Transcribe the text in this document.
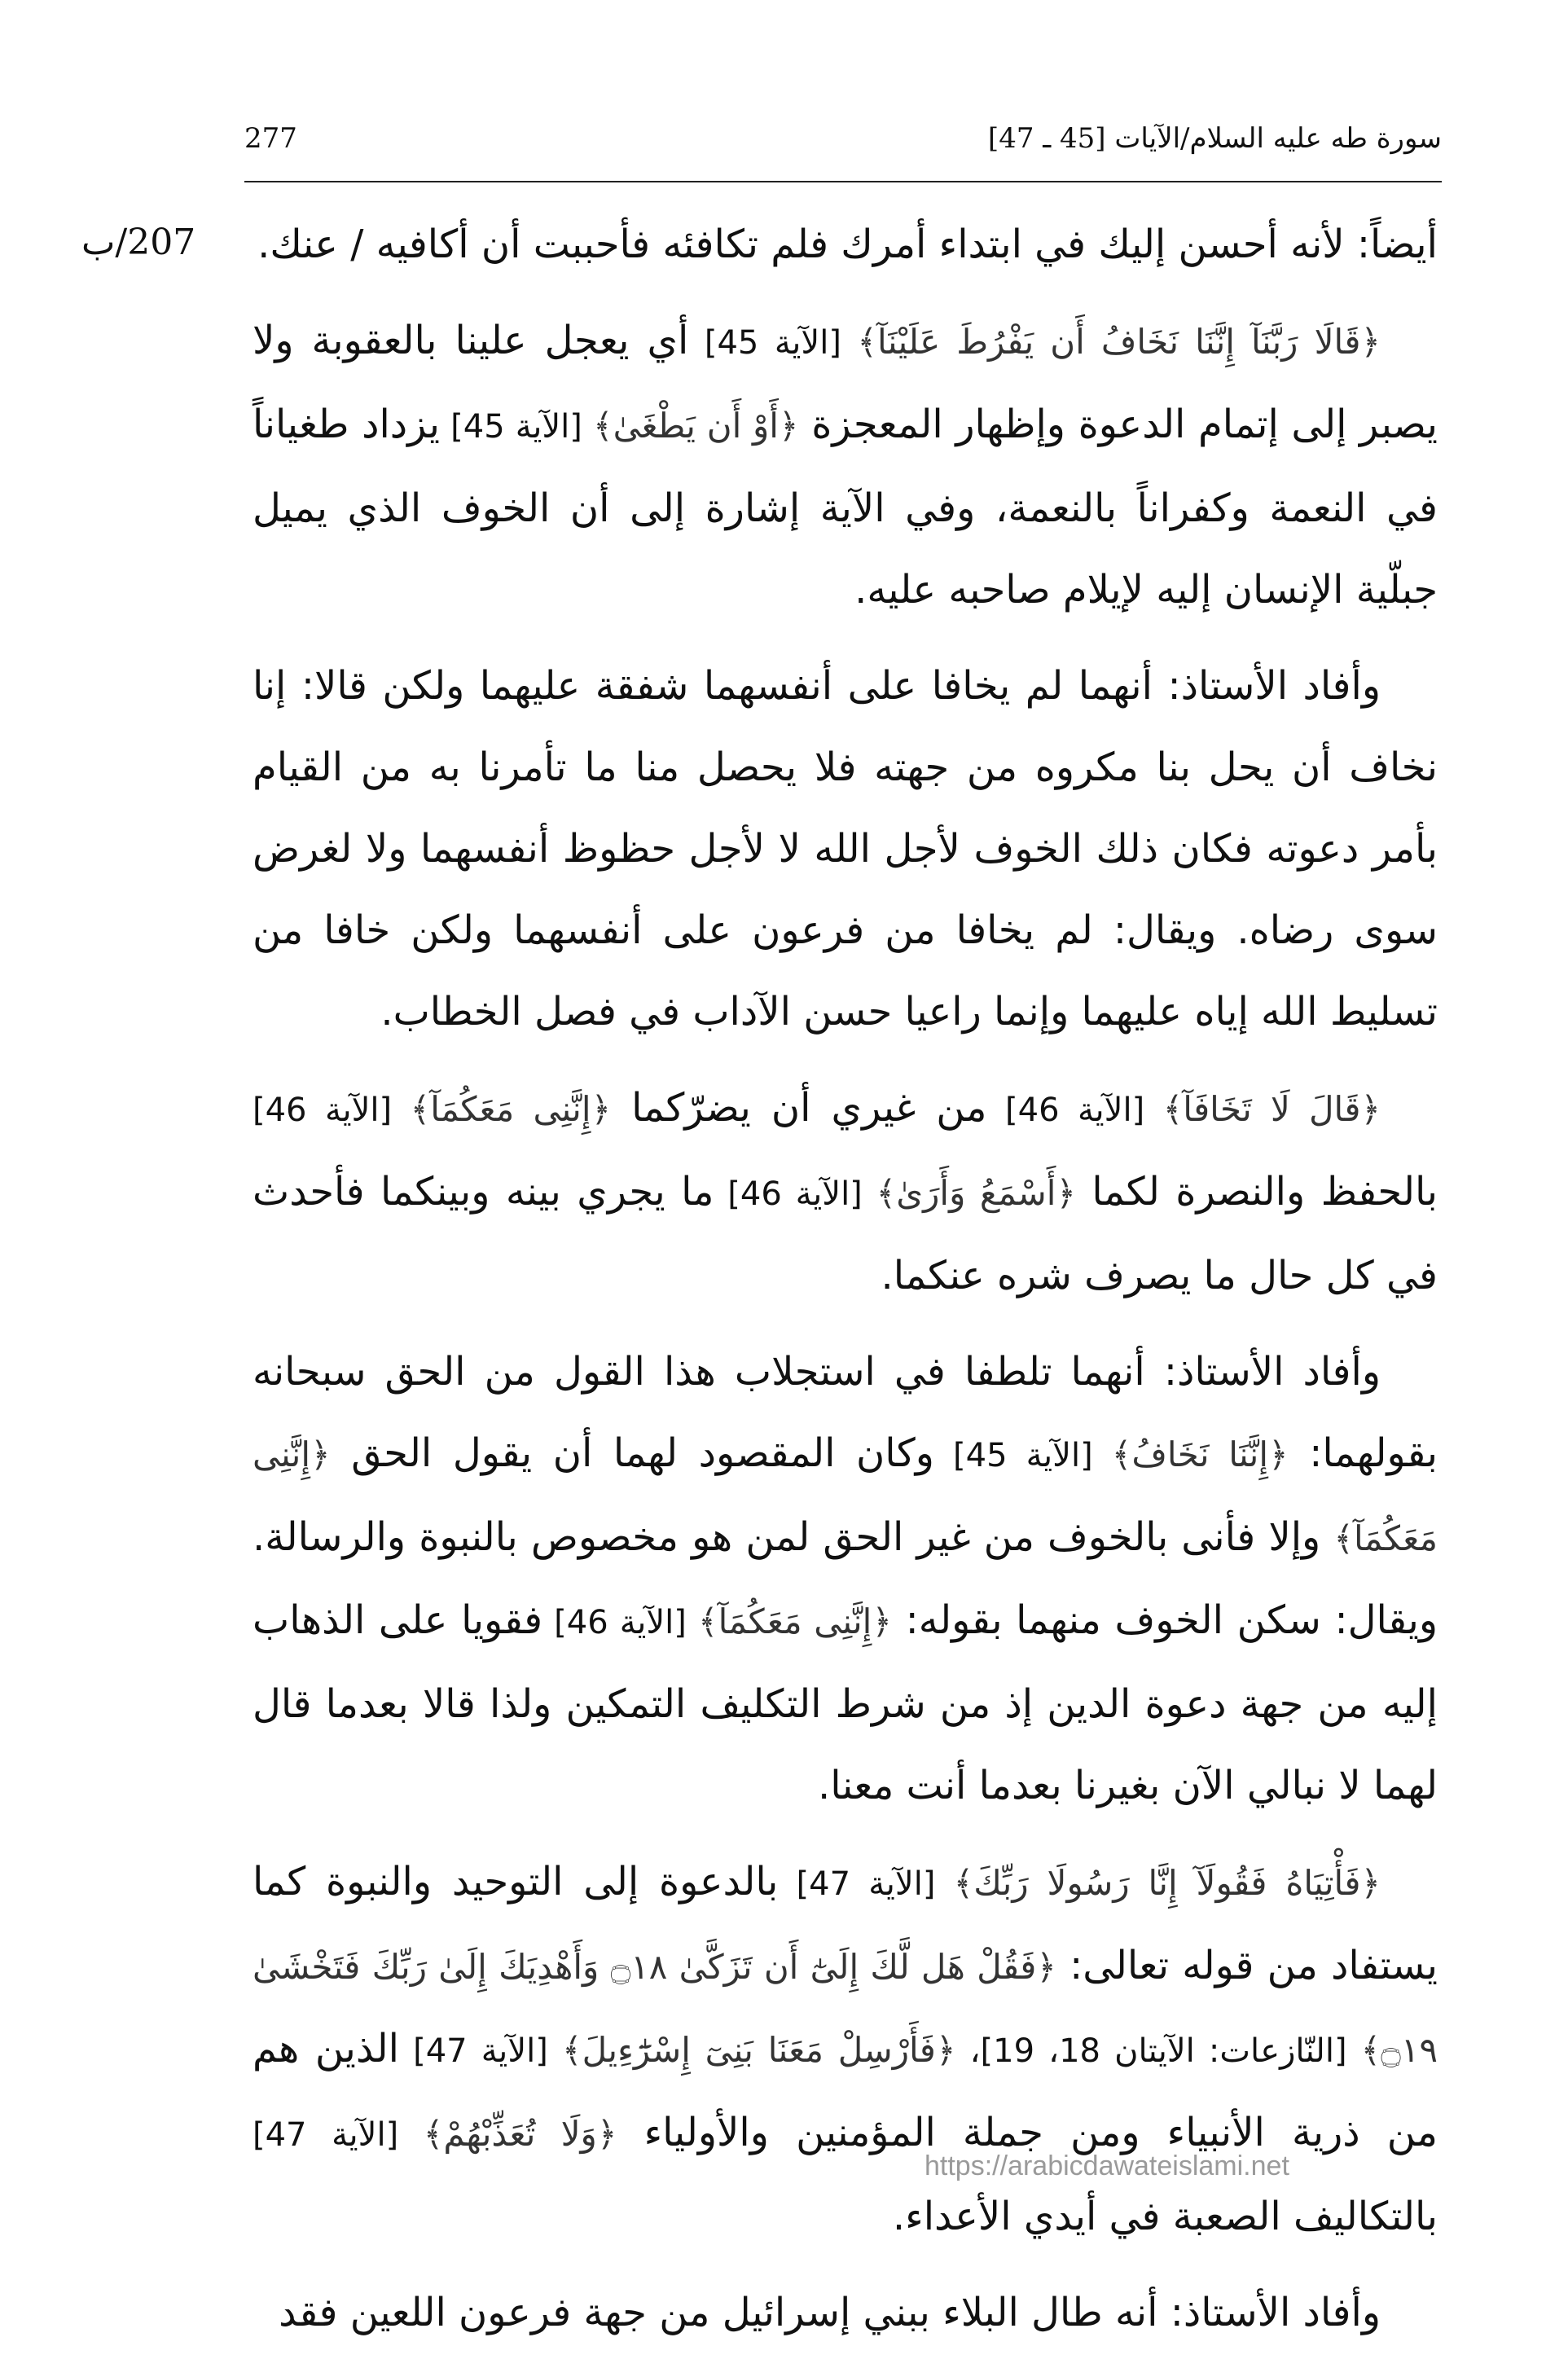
277	سورة طه عليه السلام/الآيات [45 ـ 47]
207/ب أيضاً: لأنه أحسن إليك في ابتداء أمرك فلم تكافئه فأحببت أن أكافيه / عنك.

﴿قَالَا رَبَّنَآ إِنَّنَا نَخَافُ أَن يَفْرُطَ عَلَيْنَآ﴾ [الآية 45] أي يعجل علينا بالعقوبة ولا يصبر إلى إتمام الدعوة وإظهار المعجزة ﴿أَوْ أَن يَطْغَىٰ﴾ [الآية 45] يزداد طغياناً في النعمة وكفراناً بالنعمة، وفي الآية إشارة إلى أن الخوف الذي يميل جبلّية الإنسان إليه لإيلام صاحبه عليه.

وأفاد الأستاذ: أنهما لم يخافا على أنفسهما شفقة عليهما ولكن قالا: إنا نخاف أن يحل بنا مكروه من جهته فلا يحصل منا ما تأمرنا به من القيام بأمر دعوته فكان ذلك الخوف لأجل الله لا لأجل حظوظ أنفسهما ولا لغرض سوى رضاه. ويقال: لم يخافا من فرعون على أنفسهما ولكن خافا من تسليط الله إياه عليهما وإنما راعيا حسن الآداب في فصل الخطاب.

﴿قَالَ لَا تَخَافَآ﴾ [الآية 46] من غيري أن يضرّكما ﴿إِنَّنِى مَعَكُمَآ﴾ [الآية 46] بالحفظ والنصرة لكما ﴿أَسْمَعُ وَأَرَىٰ﴾ [الآية 46] ما يجري بينه وبينكما فأحدث في كل حال ما يصرف شره عنكما.

وأفاد الأستاذ: أنهما تلطفا في استجلاب هذا القول من الحق سبحانه بقولهما: ﴿إِنَّنَا نَخَافُ﴾ [الآية 45] وكان المقصود لهما أن يقول الحق ﴿إِنَّنِى مَعَكُمَآ﴾ وإلا فأنى بالخوف من غير الحق لمن هو مخصوص بالنبوة والرسالة. ويقال: سكن الخوف منهما بقوله: ﴿إِنَّنِى مَعَكُمَآ﴾ [الآية 46] فقويا على الذهاب إليه من جهة دعوة الدين إذ من شرط التكليف التمكين ولذا قالا بعدما قال لهما لا نبالي الآن بغيرنا بعدما أنت معنا.

﴿فَأْتِيَاهُ فَقُولَآ إِنَّا رَسُولَا رَبِّكَ﴾ [الآية 47] بالدعوة إلى التوحيد والنبوة كما يستفاد من قوله تعالى: ﴿فَقُلْ هَل لَّكَ إِلَىٰٓ أَن تَزَكَّىٰ ۝١٨ وَأَهْدِيَكَ إِلَىٰ رَبِّكَ فَتَخْشَىٰ ۝١٩﴾ [النّازعات: الآيتان 18، 19]، ﴿فَأَرْسِلْ مَعَنَا بَنِىٓ إِسْرَٰٓءِيلَ﴾ [الآية 47] الذين هم من ذرية الأنبياء ومن جملة المؤمنين والأولياء ﴿وَلَا تُعَذِّبْهُمْ﴾ [الآية 47] بالتكاليف الصعبة في أيدي الأعداء.

وأفاد الأستاذ: أنه طال البلاء ببني إسرائيل من جهة فرعون اللعين فقد

https://arabicdawateislami.net
